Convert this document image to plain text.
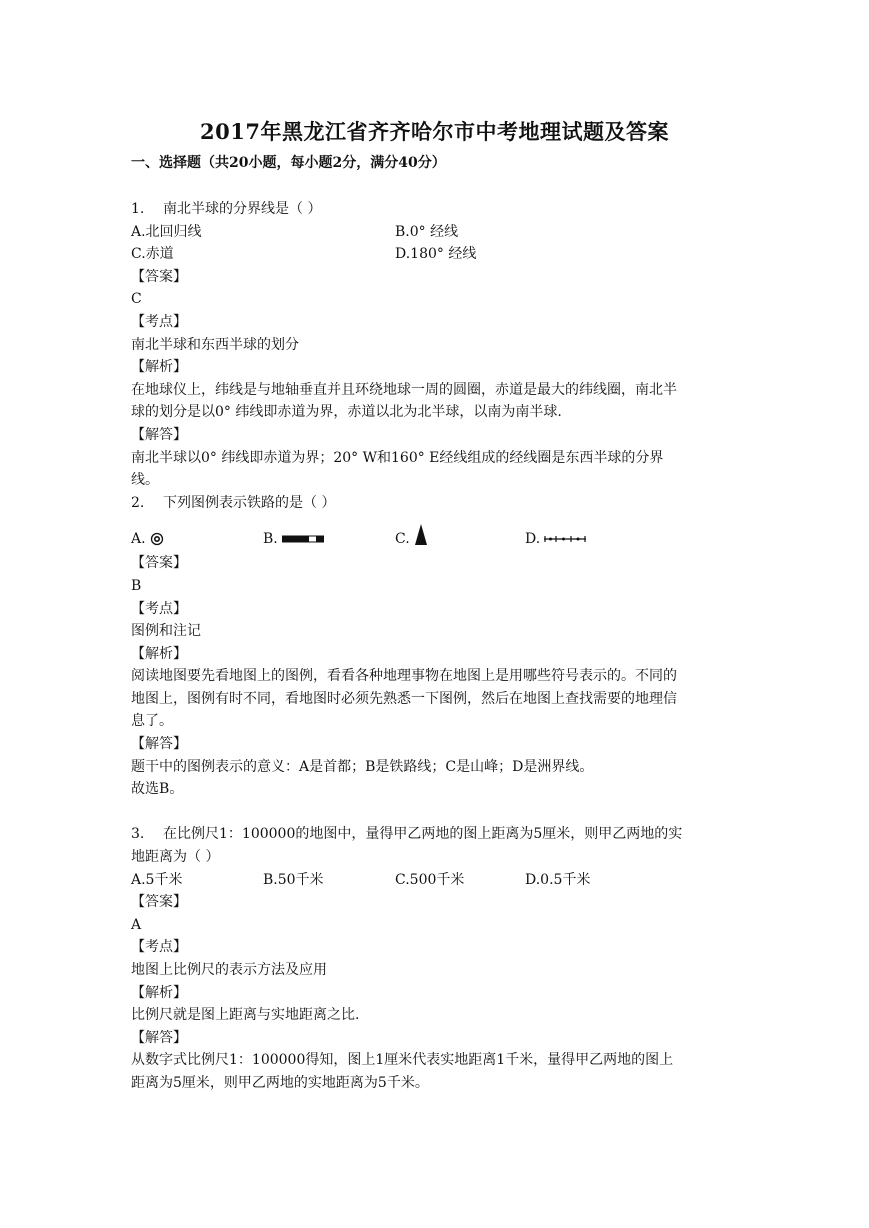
2017年黑龙江省齐齐哈尔市中考地理试题及答案
一、选择题（共20小题，每小题2分，满分40分）
1. 南北半球的分界线是（ ）
A.北回归线	B.0° 经线
C.赤道	D.180° 经线
【答案】
C
【考点】
南北半球和东西半球的划分
【解析】
在地球仪上，纬线是与地轴垂直并且环绕地球一周的圆圈，赤道是最大的纬线圈，南北半
球的划分是以0° 纬线即赤道为界，赤道以北为北半球，以南为南半球.
【解答】
南北半球以0° 纬线即赤道为界；20° W和160° E经线组成的经线圈是东西半球的分界
线。
2. 下列图例表示铁路的是（ ）
A.	B.	C.	D.
【答案】
B
【考点】
图例和注记
【解析】
阅读地图要先看地图上的图例，看看各种地理事物在地图上是用哪些符号表示的。不同的
地图上，图例有时不同，看地图时必须先熟悉一下图例，然后在地图上查找需要的地理信
息了。
【解答】
题干中的图例表示的意义：A是首都；B是铁路线；C是山峰；D是洲界线。
故选B。
3. 在比例尺1：100000的地图中，量得甲乙两地的图上距离为5厘米，则甲乙两地的实
地距离为（ ）
A.5千米	B.50千米	C.500千米	D.0.5千米
【答案】
A
【考点】
地图上比例尺的表示方法及应用
【解析】
比例尺就是图上距离与实地距离之比.
【解答】
从数字式比例尺1：100000得知，图上1厘米代表实地距离1千米，量得甲乙两地的图上
距离为5厘米，则甲乙两地的实地距离为5千米。
